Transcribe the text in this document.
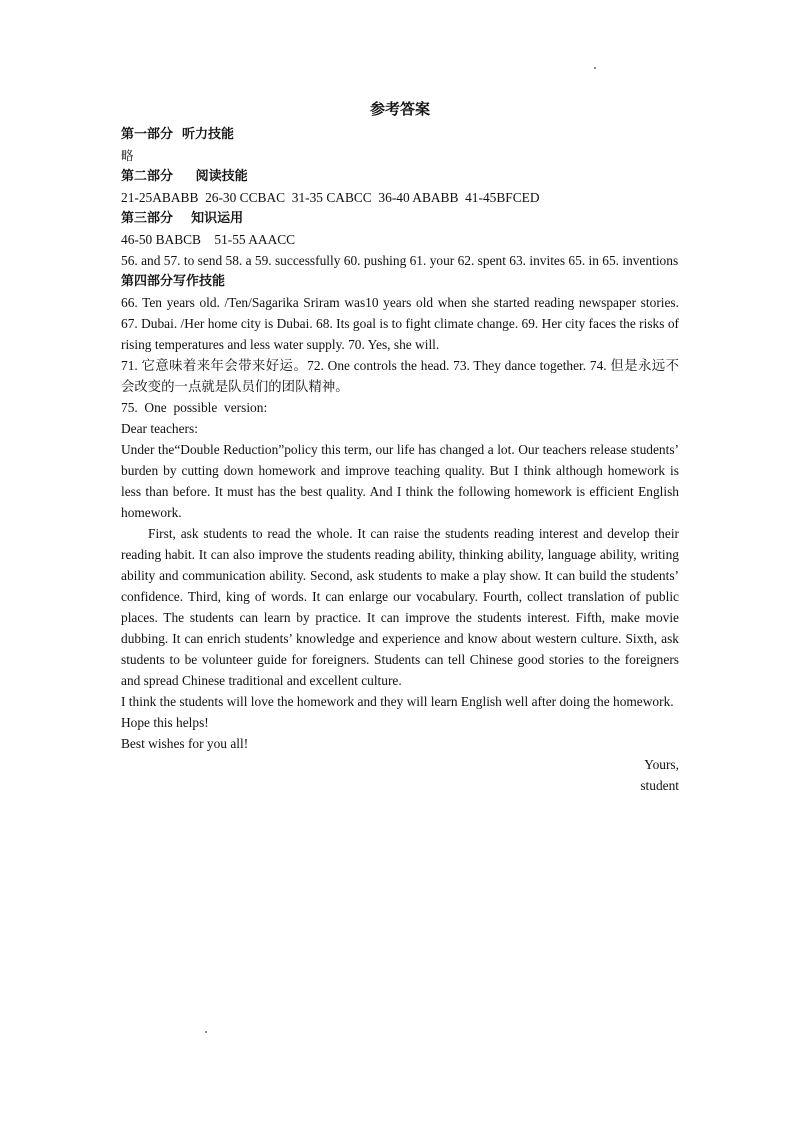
参考答案
第一部分  听力技能

略

第二部分     阅读技能

21-25ABABB  26-30 CCBAC  31-35 CABCC  36-40 ABABB  41-45BFCED

第三部分    知识运用

46-50 BABCB    51-55 AAACC

56. and 57. to send 58. a 59. successfully 60. pushing 61. your 62. spent 63. invites 65. in 65. inventions

第四部分写作技能

66. Ten years old. /Ten/Sagarika Sriram was10 years old when she started reading newspaper stories. 67. Dubai. /Her home city is Dubai. 68. Its goal is to fight climate change. 69. Her city faces the risks of rising temperatures and less water supply. 70. Yes, she will.

71. 它意味着来年会带来好运。72. One controls the head. 73. They dance together. 74. 但是永远不会改变的一点就是队员们的团队精神。

75.  One  possible  version:

Dear teachers:

Under the“Double Reduction”policy this term, our life has changed a lot. Our teachers release students’ burden by cutting down homework and improve teaching quality. But I think although homework is less than before. It must has the best quality. And I think the following homework is efficient English homework.

First, ask students to read the whole. It can raise the students reading interest and develop their reading habit. It can also improve the students reading ability, thinking ability, language ability, writing ability and communication ability. Second, ask students to make a play show. It can build the students’ confidence. Third, king of words. It can enlarge our vocabulary. Fourth, collect translation of public places. The students can learn by practice. It can improve the students interest. Fifth, make movie dubbing. It can enrich students’ knowledge and experience and know about western culture. Sixth, ask students to be volunteer guide for foreigners. Students can tell Chinese good stories to the foreigners and spread Chinese traditional and excellent culture.

I think the students will love the homework and they will learn English well after doing the homework.

Hope this helps!

Best wishes for you all!

Yours,

student
